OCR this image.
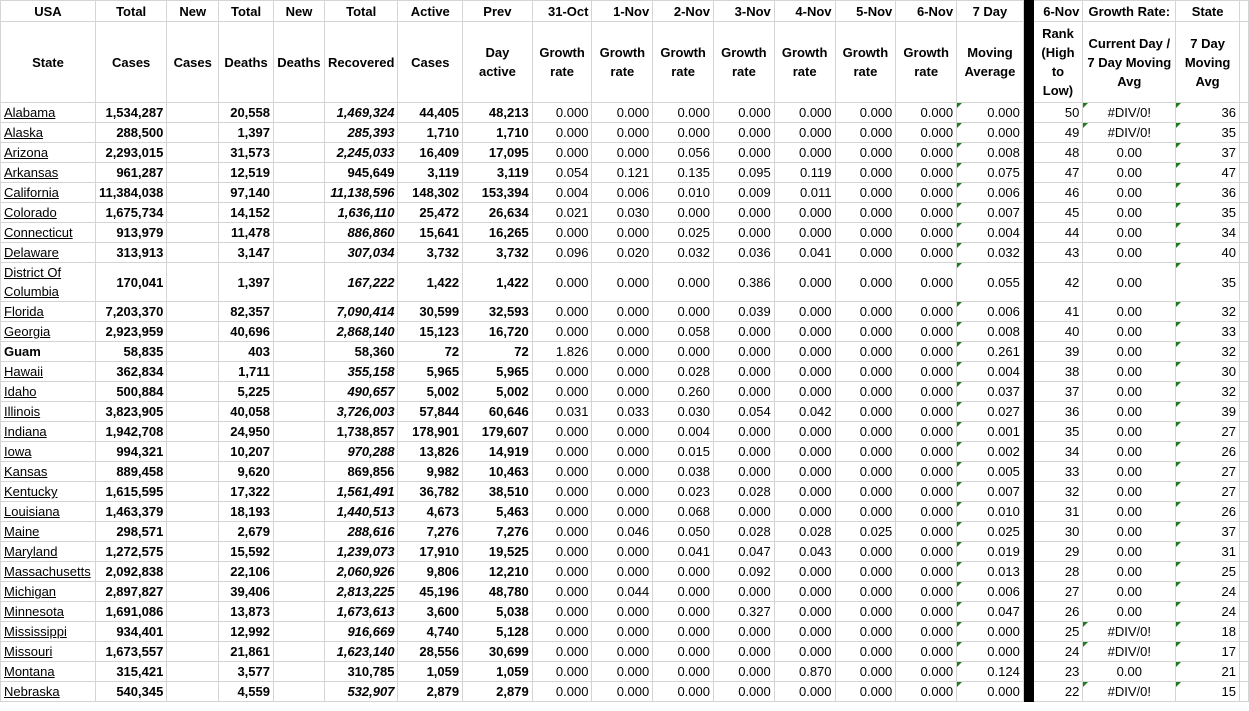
USA	Total	New	Total	New	Total	Active	Prev	31-Oct	1-Nov	2-Nov	3-Nov	4-Nov	5-Nov	6-Nov	7 Day		6-Nov	Growth Rate:	State	
State	Cases	Cases	Deaths	Deaths	Recovered	Cases	Day active	Growth rate	Growth rate	Growth rate	Growth rate	Growth rate	Growth rate	Growth rate	Moving Average		Rank (High to Low)	Current Day / 7 Day Moving Avg	7 Day Moving Avg	
Alabama	1,534,287		20,558		1,469,324	44,405	48,213	0.000	0.000	0.000	0.000	0.000	0.000	0.000	0.000		50	#DIV/0!	36	
Alaska	288,500		1,397		285,393	1,710	1,710	0.000	0.000	0.000	0.000	0.000	0.000	0.000	0.000		49	#DIV/0!	35	
Arizona	2,293,015		31,573		2,245,033	16,409	17,095	0.000	0.000	0.056	0.000	0.000	0.000	0.000	0.008		48	0.00	37	
Arkansas	961,287		12,519		945,649	3,119	3,119	0.054	0.121	0.135	0.095	0.119	0.000	0.000	0.075		47	0.00	47	
California	11,384,038		97,140		11,138,596	148,302	153,394	0.004	0.006	0.010	0.009	0.011	0.000	0.000	0.006		46	0.00	36	
Colorado	1,675,734		14,152		1,636,110	25,472	26,634	0.021	0.030	0.000	0.000	0.000	0.000	0.000	0.007		45	0.00	35	
Connecticut	913,979		11,478		886,860	15,641	16,265	0.000	0.000	0.025	0.000	0.000	0.000	0.000	0.004		44	0.00	34	
Delaware	313,913		3,147		307,034	3,732	3,732	0.096	0.020	0.032	0.036	0.041	0.000	0.000	0.032		43	0.00	40	
District Of Columbia	170,041		1,397		167,222	1,422	1,422	0.000	0.000	0.000	0.386	0.000	0.000	0.000	0.055		42	0.00	35	
Florida	7,203,370		82,357		7,090,414	30,599	32,593	0.000	0.000	0.000	0.039	0.000	0.000	0.000	0.006		41	0.00	32	
Georgia	2,923,959		40,696		2,868,140	15,123	16,720	0.000	0.000	0.058	0.000	0.000	0.000	0.000	0.008		40	0.00	33	
Guam	58,835		403		58,360	72	72	1.826	0.000	0.000	0.000	0.000	0.000	0.000	0.261		39	0.00	32	
Hawaii	362,834		1,711		355,158	5,965	5,965	0.000	0.000	0.028	0.000	0.000	0.000	0.000	0.004		38	0.00	30	
Idaho	500,884		5,225		490,657	5,002	5,002	0.000	0.000	0.260	0.000	0.000	0.000	0.000	0.037		37	0.00	32	
Illinois	3,823,905		40,058		3,726,003	57,844	60,646	0.031	0.033	0.030	0.054	0.042	0.000	0.000	0.027		36	0.00	39	
Indiana	1,942,708		24,950		1,738,857	178,901	179,607	0.000	0.000	0.004	0.000	0.000	0.000	0.000	0.001		35	0.00	27	
Iowa	994,321		10,207		970,288	13,826	14,919	0.000	0.000	0.015	0.000	0.000	0.000	0.000	0.002		34	0.00	26	
Kansas	889,458		9,620		869,856	9,982	10,463	0.000	0.000	0.038	0.000	0.000	0.000	0.000	0.005		33	0.00	27	
Kentucky	1,615,595		17,322		1,561,491	36,782	38,510	0.000	0.000	0.023	0.028	0.000	0.000	0.000	0.007		32	0.00	27	
Louisiana	1,463,379		18,193		1,440,513	4,673	5,463	0.000	0.000	0.068	0.000	0.000	0.000	0.000	0.010		31	0.00	26	
Maine	298,571		2,679		288,616	7,276	7,276	0.000	0.046	0.050	0.028	0.028	0.025	0.000	0.025		30	0.00	37	
Maryland	1,272,575		15,592		1,239,073	17,910	19,525	0.000	0.000	0.041	0.047	0.043	0.000	0.000	0.019		29	0.00	31	
Massachusetts	2,092,838		22,106		2,060,926	9,806	12,210	0.000	0.000	0.000	0.092	0.000	0.000	0.000	0.013		28	0.00	25	
Michigan	2,897,827		39,406		2,813,225	45,196	48,780	0.000	0.044	0.000	0.000	0.000	0.000	0.000	0.006		27	0.00	24	
Minnesota	1,691,086		13,873		1,673,613	3,600	5,038	0.000	0.000	0.000	0.327	0.000	0.000	0.000	0.047		26	0.00	24	
Mississippi	934,401		12,992		916,669	4,740	5,128	0.000	0.000	0.000	0.000	0.000	0.000	0.000	0.000		25	#DIV/0!	18	
Missouri	1,673,557		21,861		1,623,140	28,556	30,699	0.000	0.000	0.000	0.000	0.000	0.000	0.000	0.000		24	#DIV/0!	17	
Montana	315,421		3,577		310,785	1,059	1,059	0.000	0.000	0.000	0.000	0.870	0.000	0.000	0.124		23	0.00	21	
Nebraska	540,345		4,559		532,907	2,879	2,879	0.000	0.000	0.000	0.000	0.000	0.000	0.000	0.000		22	#DIV/0!	15	
